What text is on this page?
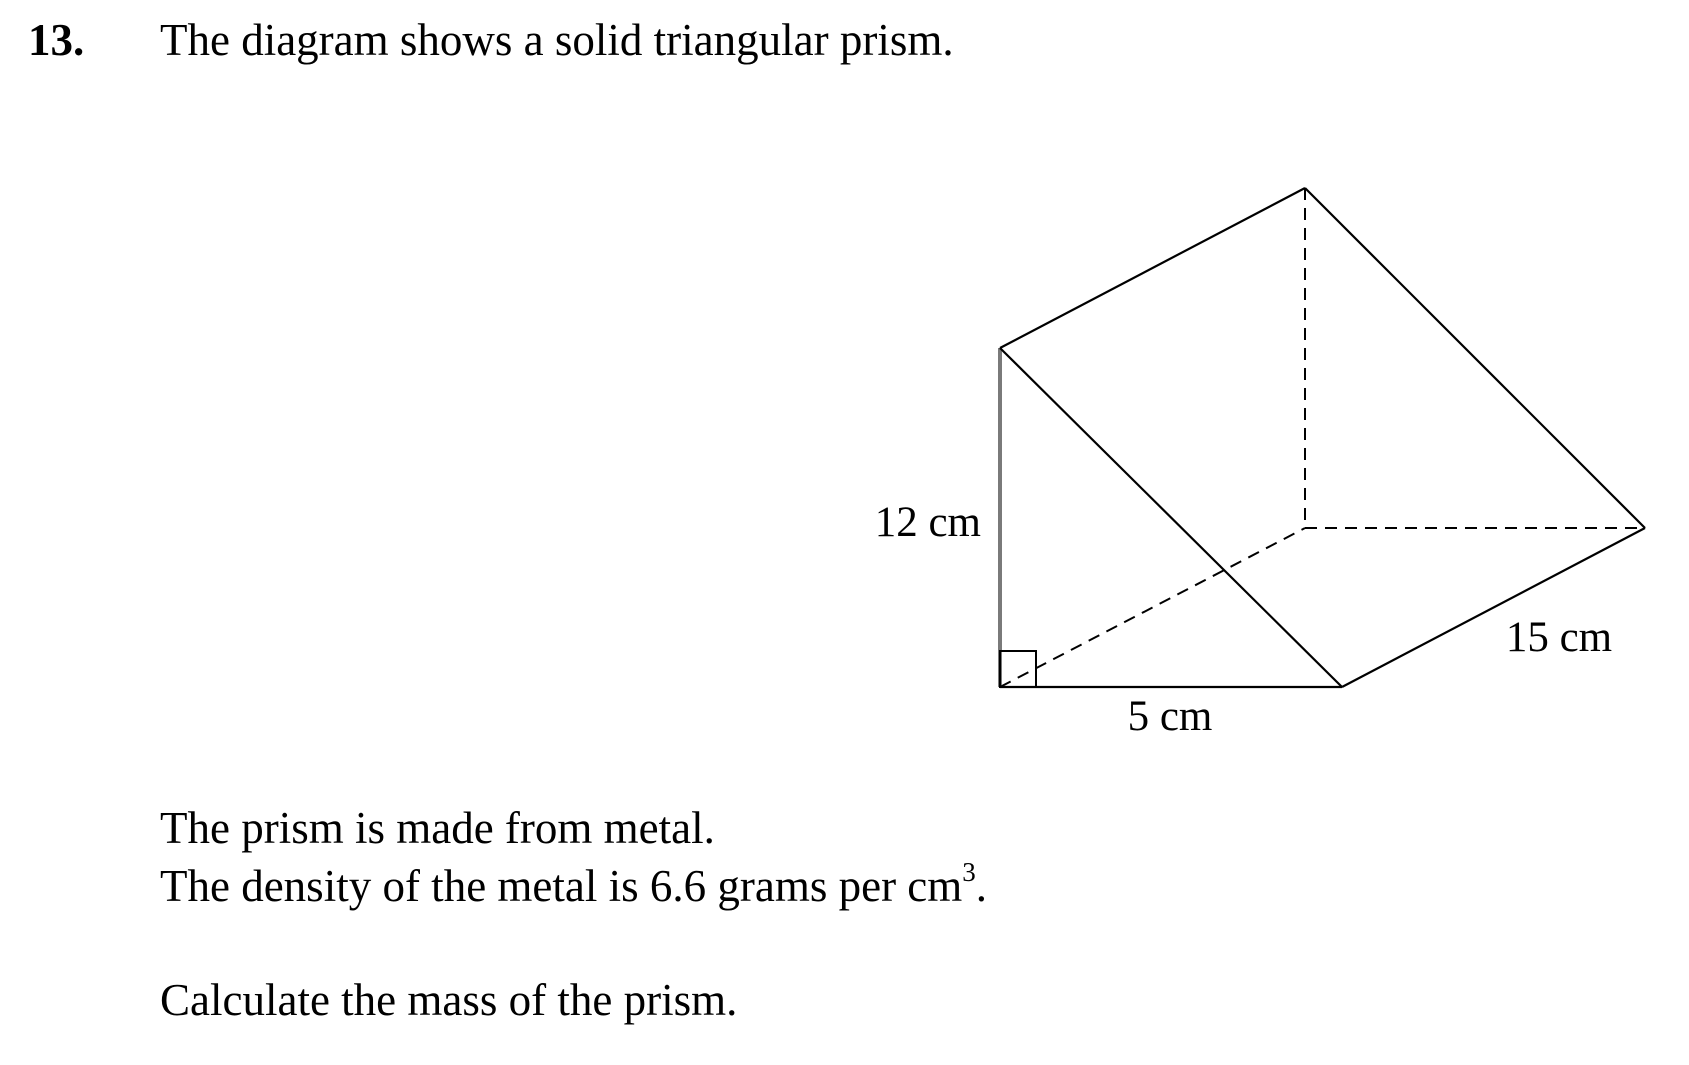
13. The diagram shows a solid triangular prism.
12 cm
5 cm
15 cm
The prism is made from metal.
The density of the metal is 6.6 grams per $cm^3$.
Calculate the mass of the prism.
